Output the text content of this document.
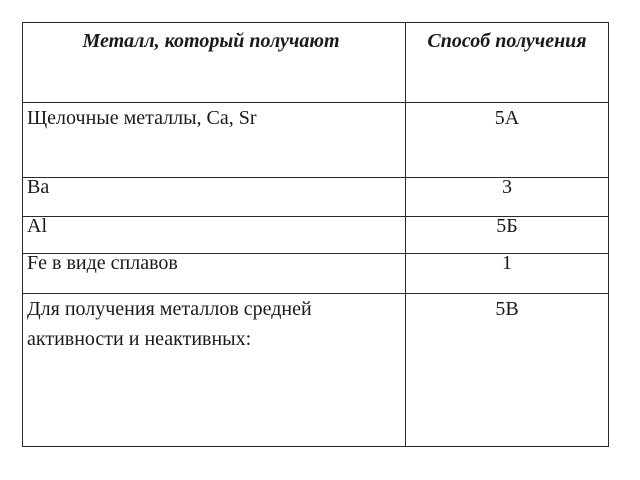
Металл, который получают	Способ получения

Щелочные металлы, Ca, Sr	5А

Ba	3

Al	5Б

Fe в виде сплавов	1

Для получения металлов средней активности и неактивных:	5В
